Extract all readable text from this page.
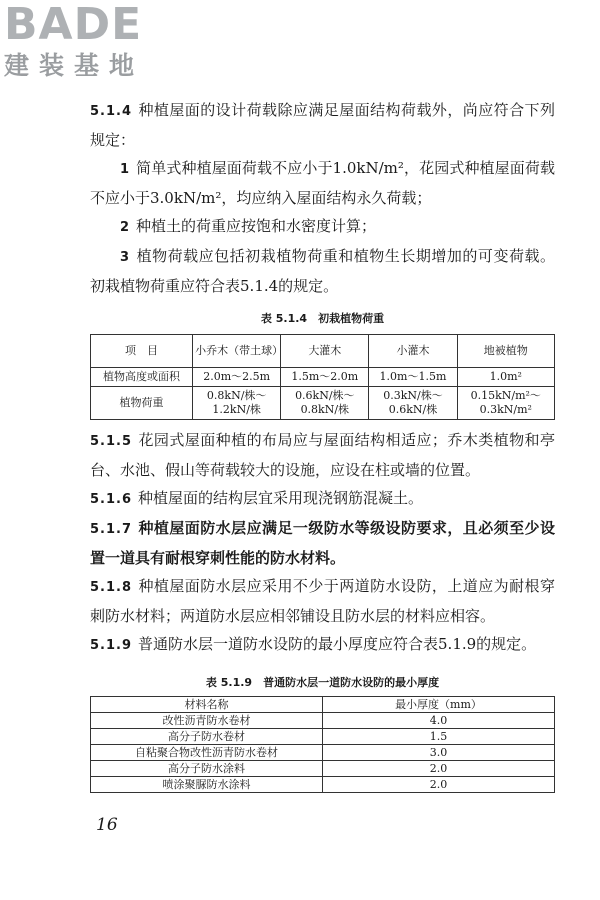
BADE
建装基地

5.1.4 种植屋面的设计荷载除应满足屋面结构荷载外，尚应符合下列规定：

1 简单式种植屋面荷载不应小于1.0kN/m²，花园式种植屋面荷载不应小于3.0kN/m²，均应纳入屋面结构永久荷载；

2 种植土的荷重应按饱和水密度计算；

3 植物荷载应包括初栽植物荷重和植物生长期增加的可变荷载。初栽植物荷重应符合表5.1.4的规定。

表 5.1.4　初栽植物荷重
项　目	小乔木（带土球）	大灌木	小灌木	地被植物
植物高度或面积	2.0m～2.5m	1.5m～2.0m	1.0m～1.5m	1.0m²
植物荷重	0.8kN/株～1.2kN/株	0.6kN/株～0.8kN/株	0.3kN/株～0.6kN/株	0.15kN/m²～0.3kN/m²

5.1.5 花园式屋面种植的布局应与屋面结构相适应；乔木类植物和亭台、水池、假山等荷载较大的设施，应设在柱或墙的位置。

5.1.6 种植屋面的结构层宜采用现浇钢筋混凝土。

5.1.7 种植屋面防水层应满足一级防水等级设防要求，且必须至少设置一道具有耐根穿刺性能的防水材料。

5.1.8 种植屋面防水层应采用不少于两道防水设防，上道应为耐根穿刺防水材料；两道防水层应相邻铺设且防水层的材料应相容。

5.1.9 普通防水层一道防水设防的最小厚度应符合表5.1.9的规定。

表 5.1.9　普通防水层一道防水设防的最小厚度
材料名称	最小厚度（mm）
改性沥青防水卷材	4.0
高分子防水卷材	1.5
自粘聚合物改性沥青防水卷材	3.0
高分子防水涂料	2.0
喷涂聚脲防水涂料	2.0
16
